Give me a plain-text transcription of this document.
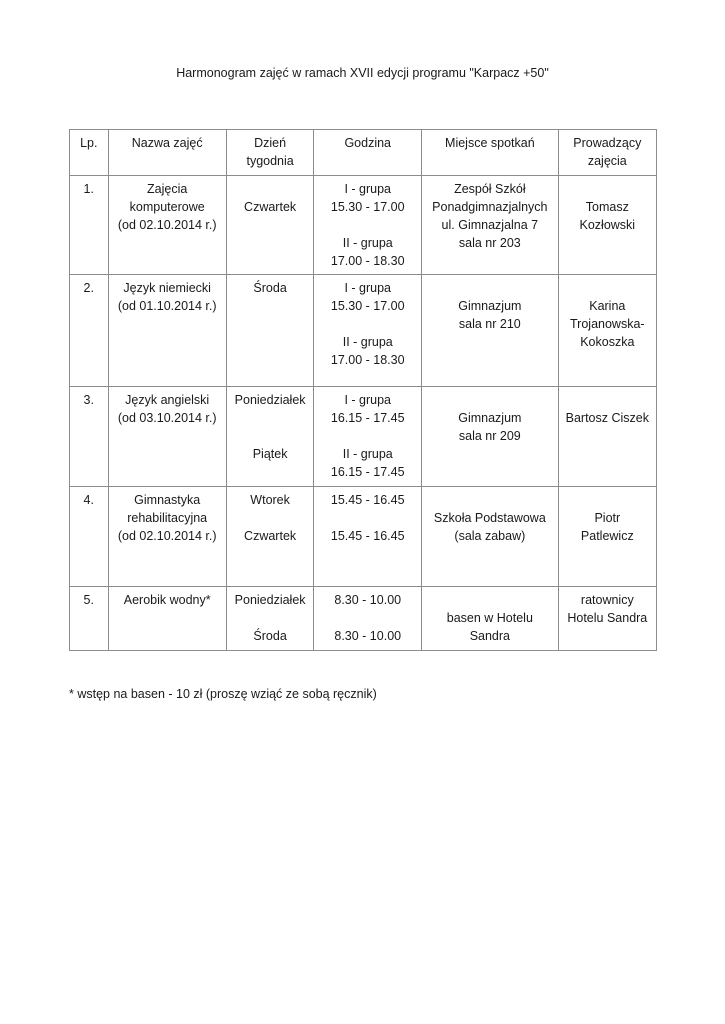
Harmonogram zajęć w ramach XVII edycji programu "Karpacz +50"
Lp.	Nazwa zajęć	Dzień
tygodnia	Godzina	Miejsce spotkań	Prowadzący
zajęcia

1.	Zajęcia
komputerowe
(od 02.10.2014 r.)	Czwartek	I - grupa
15.30 - 17.00
II - grupa
17.00 - 18.30	Zespół Szkół
Ponadgimnazjalnych
ul. Gimnazjalna 7
sala nr 203	Tomasz
Kozłowski

2.	Język niemiecki
(od 01.10.2014 r.)	Środa	I - grupa
15.30 - 17.00
II - grupa
17.00 - 18.30	Gimnazjum
sala nr 210	Karina
Trojanowska-
Kokoszka

3.	Język angielski
(od 03.10.2014 r.)	Poniedziałek
Piątek	I - grupa
16.15 - 17.45
II - grupa
16.15 - 17.45	Gimnazjum
sala nr 209	Bartosz Ciszek

4.	Gimnastyka
rehabilitacyjna
(od 02.10.2014 r.)	Wtorek
Czwartek	15.45 - 16.45
15.45 - 16.45	Szkoła Podstawowa
(sala zabaw)	Piotr
Patlewicz

5.	Aerobik wodny*	Poniedziałek
Środa	8.30 - 10.00
8.30 - 10.00	basen w Hotelu
Sandra	ratownicy
Hotelu Sandra
* wstęp na basen - 10 zł (proszę wziąć ze sobą ręcznik)
